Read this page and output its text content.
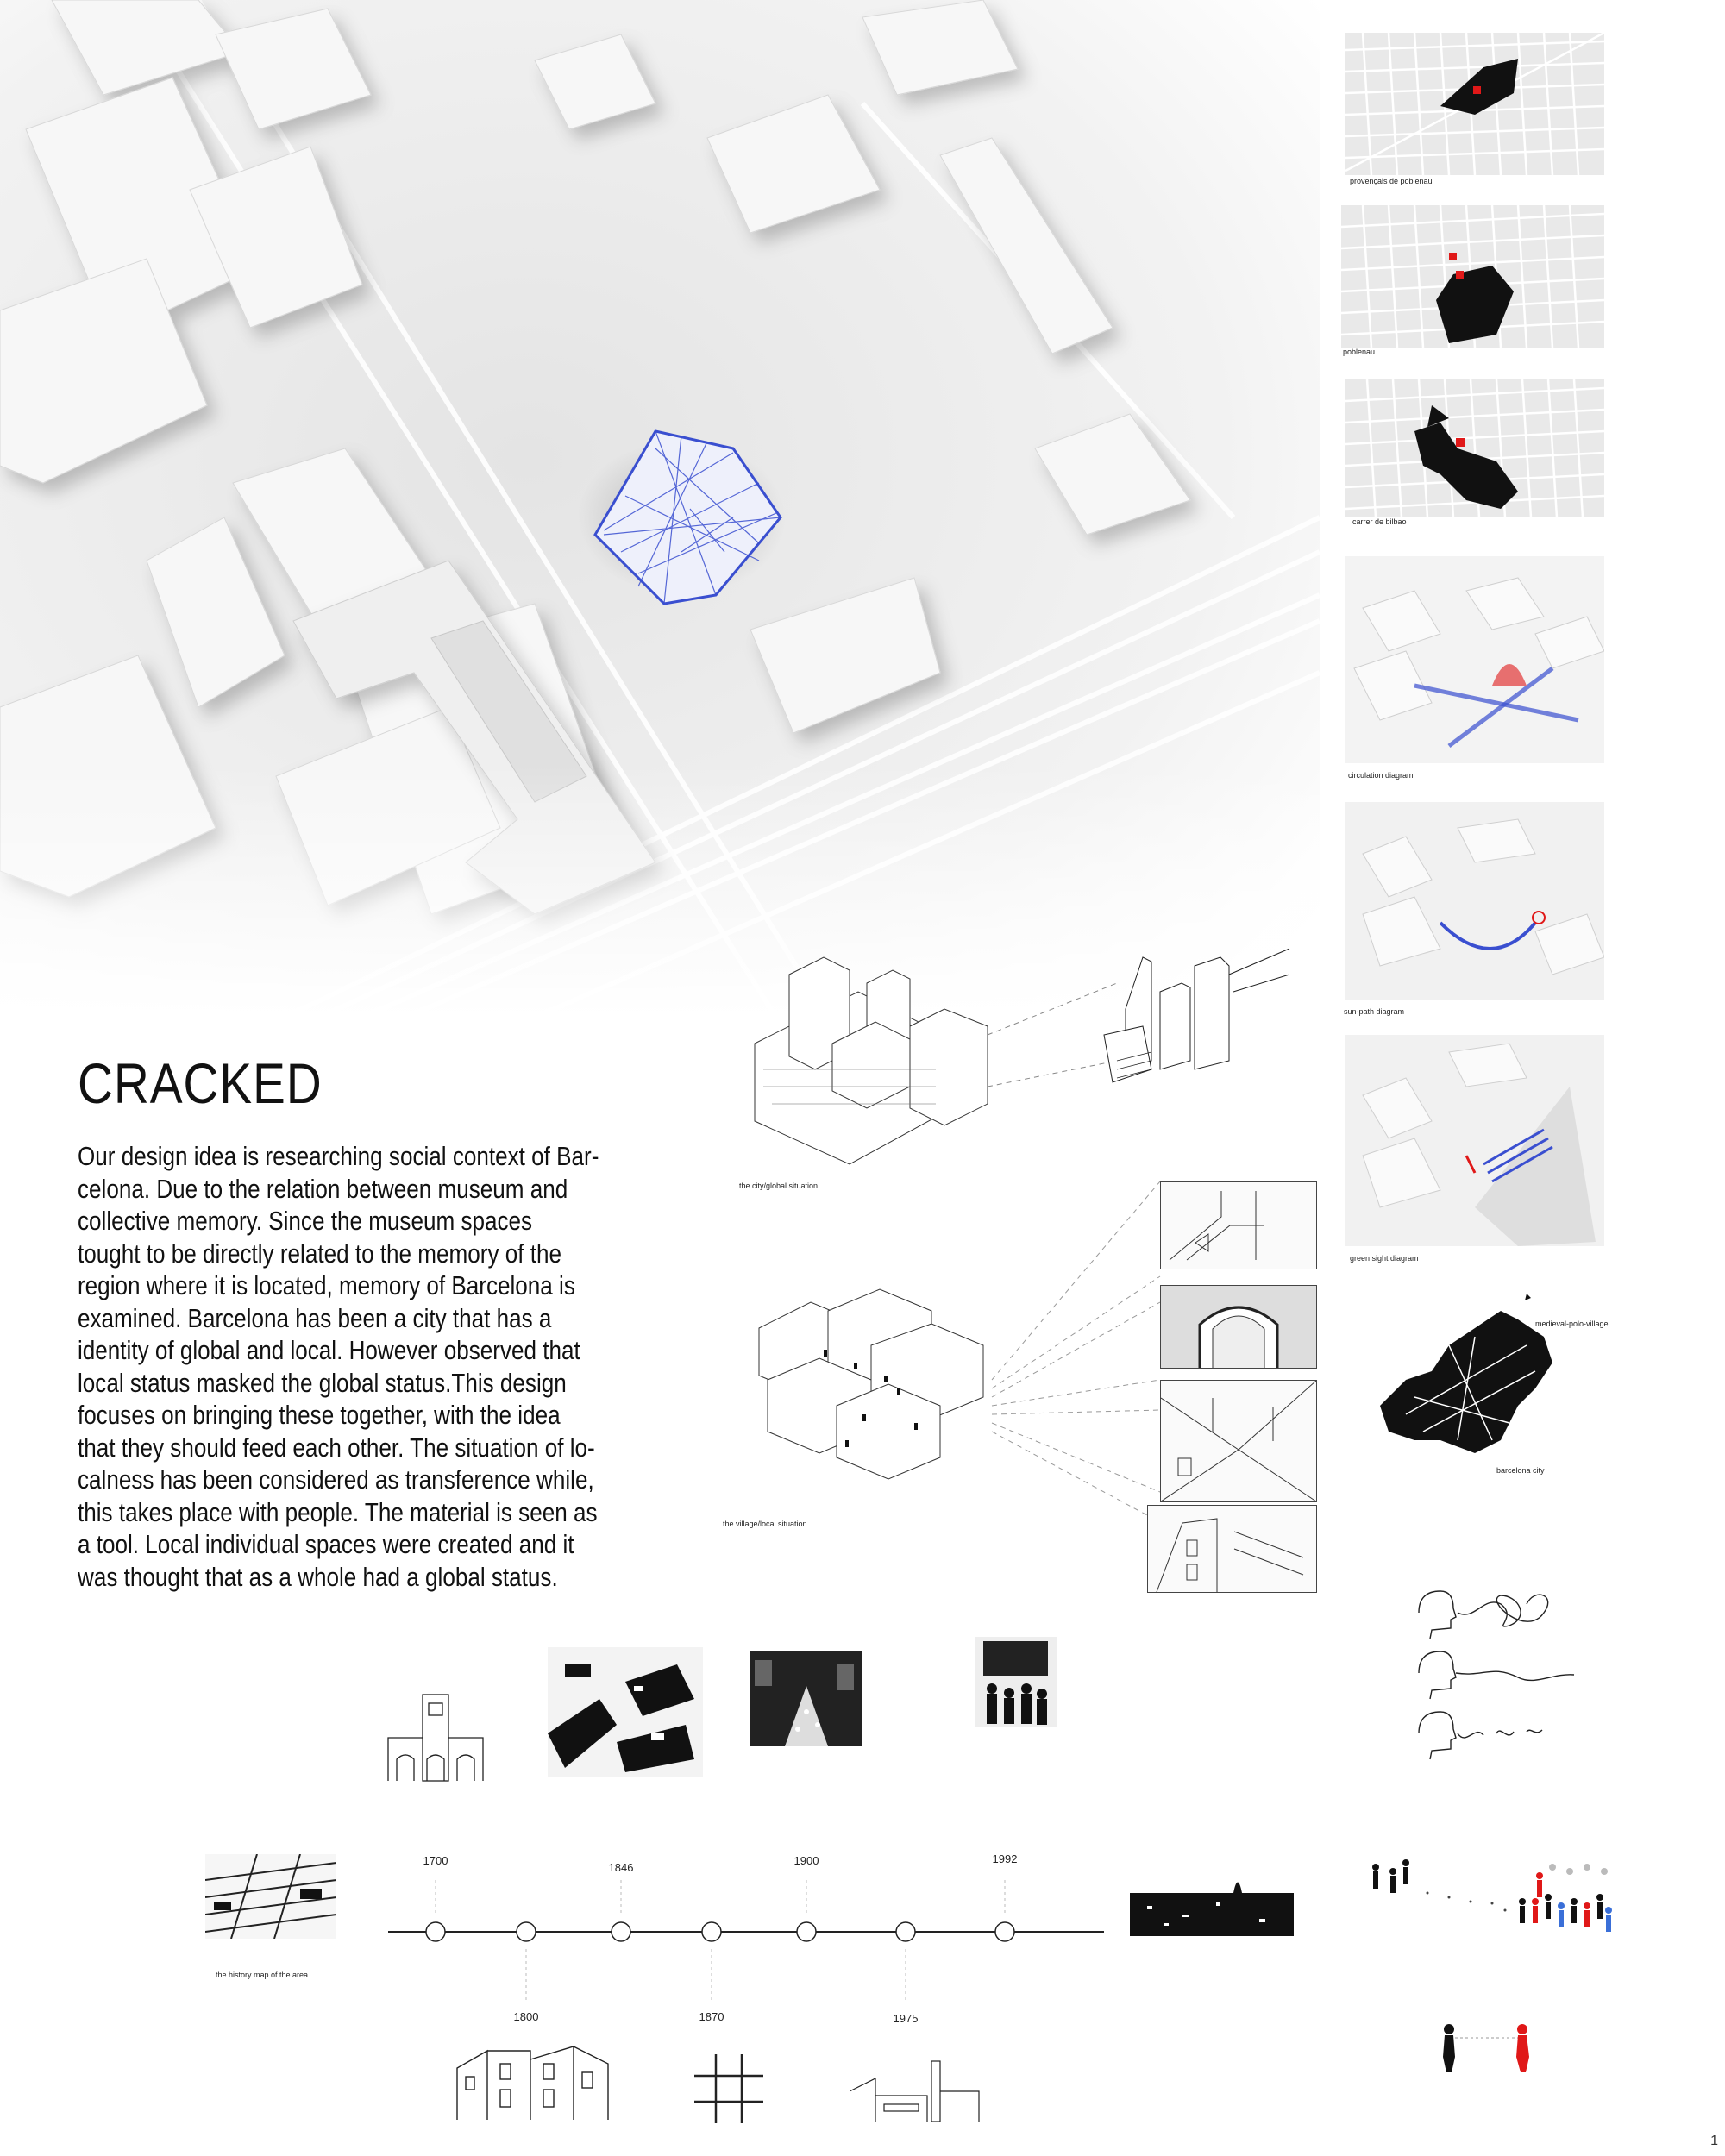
provençals de poblenau
poblenau
carrer de bilbao
circulation diagram
sun-path diagram
green sight diagram
medieval-polo-village
barcelona city
CRACKED
Our design idea is researching social context of Bar-
celona. Due to the relation between museum and
collective memory. Since the museum spaces
tought to be directly related to the memory of the
region where it is located, memory of Barcelona is
examined. Barcelona has been a city that has a
identity of global and local. However observed that
local status masked the global status.This design
focuses on bringing these together, with the idea
that they should feed each other. The situation of lo-
calness has been considered as transference while,
this takes place with people. The material is seen as
a tool. Local individual spaces were created and it
was thought that as a whole had a global status.
the city/global situation
the village/local situation
1700
1846
1900	1992
1800	1870	1975
the history map of the area
1
